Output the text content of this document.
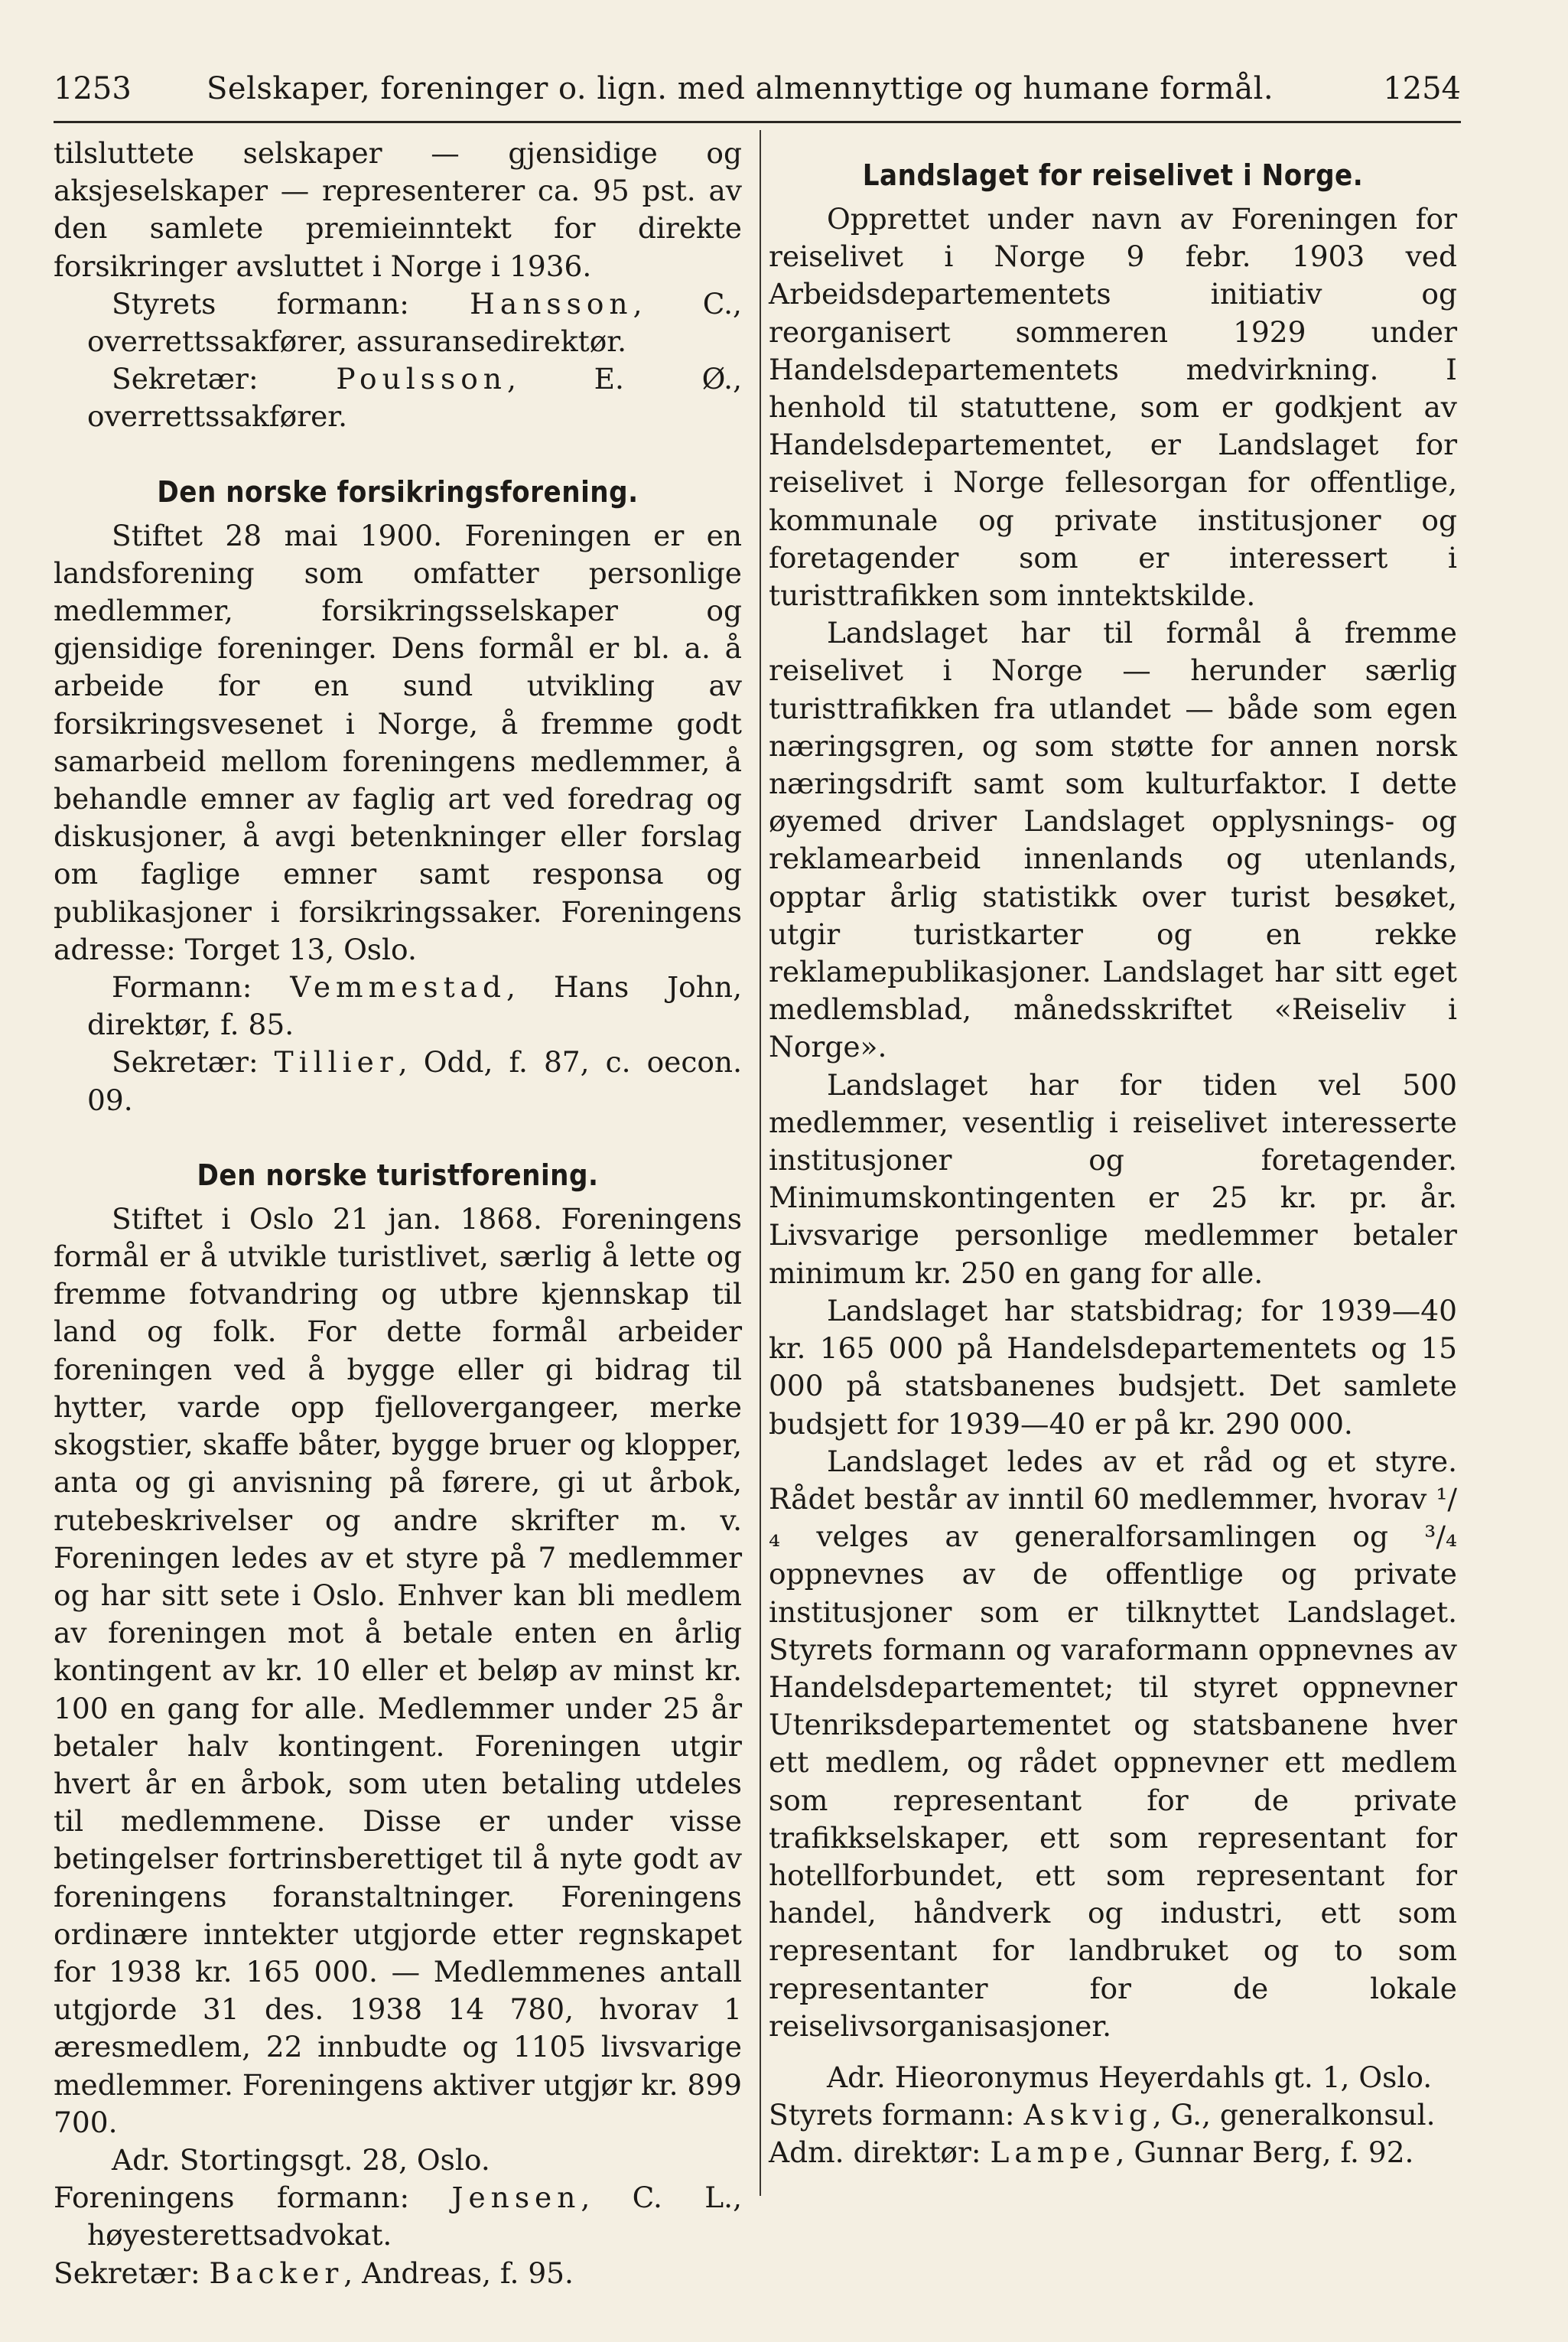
1253 Selskaper, foreninger o. lign. med almennyttige og humane formål.	1254

tilsluttete selskaper — gjensidige og aksjeselskaper — representerer ca. 95 pst. av den samlete premieinntekt for direkte forsikringer avsluttet i Norge i 1936.

Styrets formann: Hansson, C., overrettssakfører, assuransedirektør.

Sekretær: Poulsson, E. Ø., overrettssakfører.

Den norske forsikringsforening.

Stiftet 28 mai 1900. Foreningen er en landsforening som omfatter personlige medlemmer, forsikringsselskaper og gjensidige foreninger. Dens formål er bl. a. å arbeide for en sund utvikling av forsikringsvesenet i Norge, å fremme godt samarbeid mellom foreningens medlemmer, å behandle emner av faglig art ved foredrag og diskusjoner, å avgi betenkninger eller forslag om faglige emner samt responsa og publikasjoner i forsikringssaker. Foreningens adresse: Torget 13, Oslo.

Formann: Vemmestad, Hans John, direktør, f. 85.

Sekretær: Tillier, Odd, f. 87, c. oecon. 09.

Den norske turistforening.

Stiftet i Oslo 21 jan. 1868. Foreningens formål er å utvikle turistlivet, særlig å lette og fremme fotvandring og utbre kjennskap til land og folk. For dette formål arbeider foreningen ved å bygge eller gi bidrag til hytter, varde opp fjellovergangeer, merke skogstier, skaffe båter, bygge bruer og klopper, anta og gi anvisning på førere, gi ut årbok, rutebeskrivelser og andre skrifter m. v. Foreningen ledes av et styre på 7 medlemmer og har sitt sete i Oslo. Enhver kan bli medlem av foreningen mot å betale enten en årlig kontingent av kr. 10 eller et beløp av minst kr. 100 en gang for alle. Medlemmer under 25 år betaler halv kontingent. Foreningen utgir hvert år en årbok, som uten betaling utdeles til medlemmene. Disse er under visse betingelser fortrinsberettiget til å nyte godt av foreningens foranstaltninger. Foreningens ordinære inntekter utgjorde etter regnskapet for 1938 kr. 165 000. — Medlemmenes antall utgjorde 31 des. 1938 14 780, hvorav 1 æresmedlem, 22 innbudte og 1105 livsvarige medlemmer. Foreningens aktiver utgjør kr. 899 700.

Adr. Stortingsgt. 28, Oslo.

Foreningens formann: Jensen, C. L., høyesterettsadvokat.

Sekretær: Backer, Andreas, f. 95.

Landslaget for reiselivet i Norge.

Opprettet under navn av Foreningen for reiselivet i Norge 9 febr. 1903 ved Arbeidsdepartementets initiativ og reorganisert sommeren 1929 under Handelsdepartementets medvirkning. I henhold til statuttene, som er godkjent av Handelsdepartementet, er Landslaget for reiselivet i Norge fellesorgan for offentlige, kommunale og private institusjoner og foretagender som er interessert i turisttrafikken som inntektskilde.

Landslaget har til formål å fremme reiselivet i Norge — herunder særlig turisttrafikken fra utlandet — både som egen næringsgren, og som støtte for annen norsk næringsdrift samt som kulturfaktor. I dette øyemed driver Landslaget opplysnings- og reklamearbeid innenlands og utenlands, opptar årlig statistikk over turist besøket, utgir turistkarter og en rekke reklamepublikasjoner. Landslaget har sitt eget medlemsblad, månedsskriftet «Reiseliv i Norge».

Landslaget har for tiden vel 500 medlemmer, vesentlig i reiselivet interesserte institusjoner og foretagender. Minimumskontingenten er 25 kr. pr. år. Livsvarige personlige medlemmer betaler minimum kr. 250 en gang for alle.

Landslaget har statsbidrag; for 1939—40 kr. 165 000 på Handelsdepartementets og 15 000 på statsbanenes budsjett. Det samlete budsjett for 1939—40 er på kr. 290 000.

Landslaget ledes av et råd og et styre. Rådet består av inntil 60 medlemmer, hvorav ¹/₄ velges av generalforsamlingen og ³/₄ oppnevnes av de offentlige og private institusjoner som er tilknyttet Landslaget. Styrets formann og varaformann oppnevnes av Handelsdepartementet; til styret oppnevner Utenriksdepartementet og statsbanene hver ett medlem, og rådet oppnevner ett medlem som representant for de private trafikkselskaper, ett som representant for hotellforbundet, ett som representant for handel, håndverk og industri, ett som representant for landbruket og to som representanter for de lokale reiselivsorganisasjoner.

Adr. Hieoronymus Heyerdahls gt. 1, Oslo.

Styrets formann: Askvig, G., generalkonsul.

Adm. direktør: Lampe, Gunnar Berg, f. 92.
